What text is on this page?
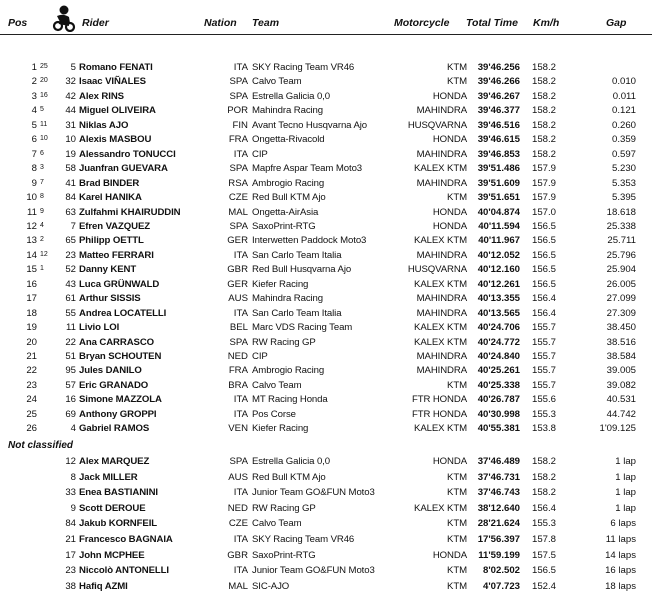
Pos	Rider	Nation Team	Motorcycle Total Time Km/h	Gap
1 25	5 Romano FENATI	ITA SKY Racing Team VR46	KTM	39'46.256	158.2
2 20	32 Isaac VIÑALES	SPA Calvo Team	KTM	39'46.266	158.2	0.010
3 16	42 Alex RINS	SPA Estrella Galicia 0,0	HONDA	39'46.267	158.2	0.011
4 5	44 Miguel OLIVEIRA	POR Mahindra Racing	MAHINDRA	39'46.377	158.2	0.121
5 11	31 Niklas AJO	FIN Avant Tecno Husqvarna Ajo	HUSQVARNA	39'46.516	158.2	0.260
6 10	10 Alexis MASBOU	FRA Ongetta-Rivacold	HONDA	39'46.615	158.2	0.359
7 6	19 Alessandro TONUCCI	ITA CIP	MAHINDRA	39'46.853	158.2	0.597
8 3	58 Juanfran GUEVARA	SPA Mapfre Aspar Team Moto3	KALEX KTM	39'51.486	157.9	5.230
9 7	41 Brad BINDER	RSA Ambrogio Racing	MAHINDRA	39'51.609	157.9	5.353
10 8	84 Karel HANIKA	CZE Red Bull KTM Ajo	KTM	39'51.651	157.9	5.395
11 9	63 Zulfahmi KHAIRUDDIN	MAL Ongetta-AirAsia	HONDA	40'04.874	157.0	18.618
12 4	7 Efren VAZQUEZ	SPA SaxoPrint-RTG	HONDA	40'11.594	156.5	25.338
13 2	65 Philipp OETTL	GER Interwetten Paddock Moto3	KALEX KTM	40'11.967	156.5	25.711
14 12	23 Matteo FERRARI	ITA San Carlo Team Italia	MAHINDRA	40'12.052	156.5	25.796
15 1	52 Danny KENT	GBR Red Bull Husqvarna Ajo	HUSQVARNA	40'12.160	156.5	25.904
16	43 Luca GRÜNWALD	GER Kiefer Racing	KALEX KTM	40'12.261	156.5	26.005
17	61 Arthur SISSIS	AUS Mahindra Racing	MAHINDRA	40'13.355	156.4	27.099
18	55 Andrea LOCATELLI	ITA San Carlo Team Italia	MAHINDRA	40'13.565	156.4	27.309
19	11 Livio LOI	BEL Marc VDS Racing Team	KALEX KTM	40'24.706	155.7	38.450
20	22 Ana CARRASCO	SPA RW Racing GP	KALEX KTM	40'24.772	155.7	38.516
21	51 Bryan SCHOUTEN	NED CIP	MAHINDRA	40'24.840	155.7	38.584
22	95 Jules DANILO	FRA Ambrogio Racing	MAHINDRA	40'25.261	155.7	39.005
23	57 Eric GRANADO	BRA Calvo Team	KTM	40'25.338	155.7	39.082
24	16 Simone MAZZOLA	ITA MT Racing Honda	FTR HONDA	40'26.787	155.6	40.531
25	69 Anthony GROPPI	ITA Pos Corse	FTR HONDA	40'30.998	155.3	44.742
26	4 Gabriel RAMOS	VEN Kiefer Racing	KALEX KTM	40'55.381	153.8	1'09.125
Not classified
12 Alex MARQUEZ	SPA Estrella Galicia 0,0	HONDA	37'46.489	158.2	1 lap
8 Jack MILLER	AUS Red Bull KTM Ajo	KTM	37'46.731	158.2	1 lap
33 Enea BASTIANINI	ITA Junior Team GO&FUN Moto3	KTM	37'46.743	158.2	1 lap
9 Scott DEROUE	NED RW Racing GP	KALEX KTM	38'12.640	156.4	1 lap
84 Jakub KORNFEIL	CZE Calvo Team	KTM	28'21.624	155.3	6 laps
21 Francesco BAGNAIA	ITA SKY Racing Team VR46	KTM	17'56.397	157.8	11 laps
17 John MCPHEE	GBR SaxoPrint-RTG	HONDA	11'59.199	157.5	14 laps
23 Niccolò ANTONELLI	ITA Junior Team GO&FUN Moto3	KTM	8'02.502	156.5	16 laps
38 Hafiq AZMI	MAL SIC-AJO	KTM	4'07.723	152.4	18 laps
